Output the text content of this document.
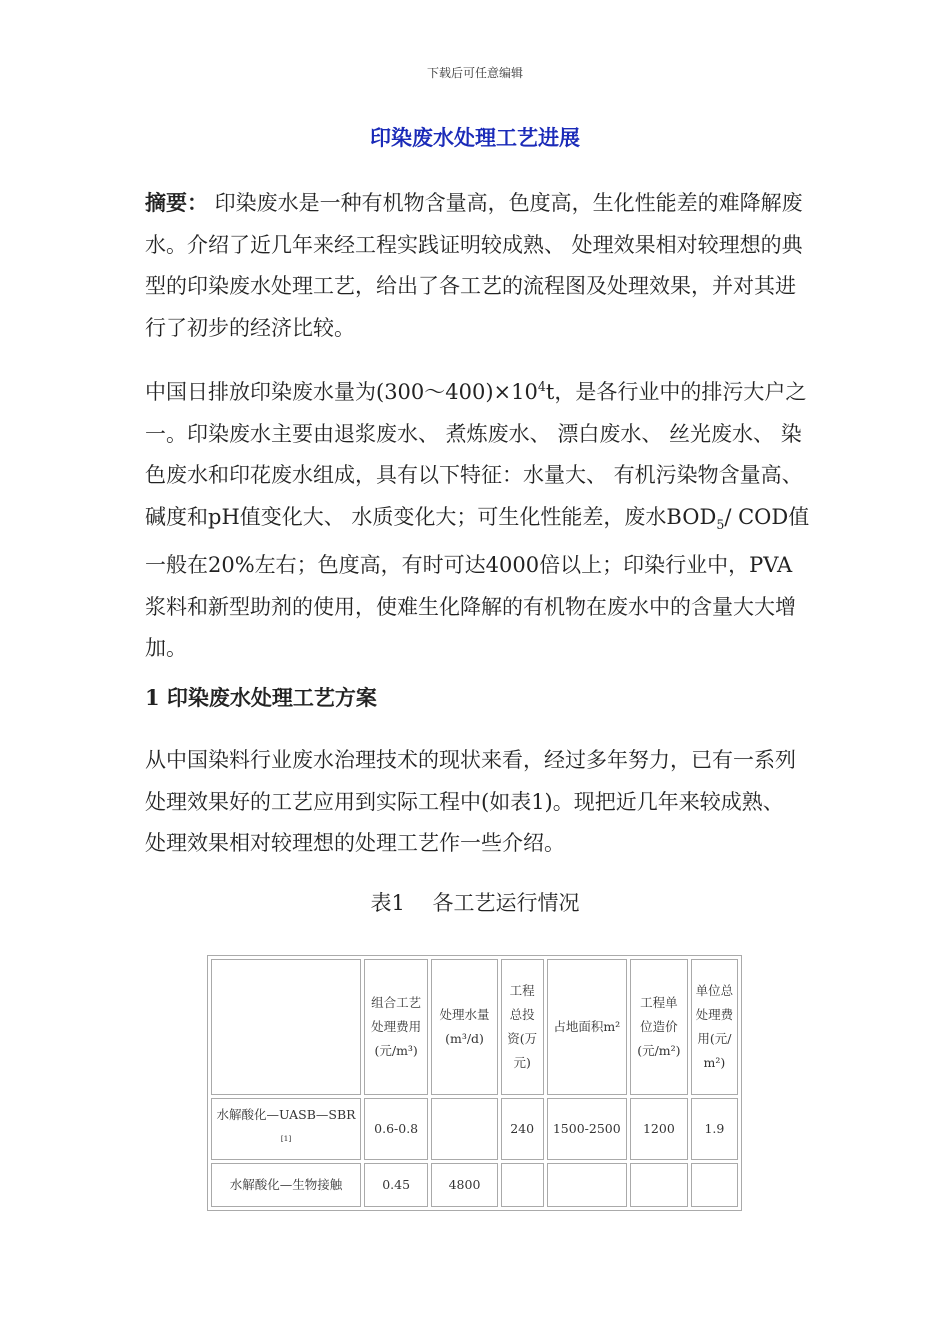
下载后可任意编辑
印染废水处理工艺进展

摘要： 印染废水是一种有机物含量高，色度高，生化性能差的难降解废水。介绍了近几年来经工程实践证明较成熟、 处理效果相对较理想的典型的印染废水处理工艺，给出了各工艺的流程图及处理效果，并对其进行了初步的经济比较。

中国日排放印染废水量为$(300\sim 400)\times 10^4t$，是各行业中的排污大户之一。印染废水主要由退浆废水、 煮炼废水、 漂白废水、 丝光废水、 染色废水和印花废水组成，具有以下特征：水量大、 有机污染物含量高、 碱度和pH值变化大、 水质变化大；可生化性能差，废水$BOD_5/$ COD值一般在20%左右；色度高，有时可达4000倍以上；印染行业中，PVA浆料和新型助剂的使用，使难生化降解的有机物在废水中的含量大大增加。

1 印染废水处理工艺方案

从中国染料行业废水治理技术的现状来看，经过多年努力，已有一系列处理效果好的工艺应用到实际工程中(如表1)。现把近几年来较成熟、 处理效果相对较理想的处理工艺作一些介绍。

表1　 各工艺运行情况
	组合工艺处理费用(元/m³)	处理水量(m³/d)	工程总投资(万元)	占地面积m²	工程单位造价(元/m²)	单位总处理费用(元/m²)
水解酸化—UASB—SBR[1]	0.6-0.8		240	1500-2500	1200	1.9
水解酸化—生物接触	0.45	4800				
